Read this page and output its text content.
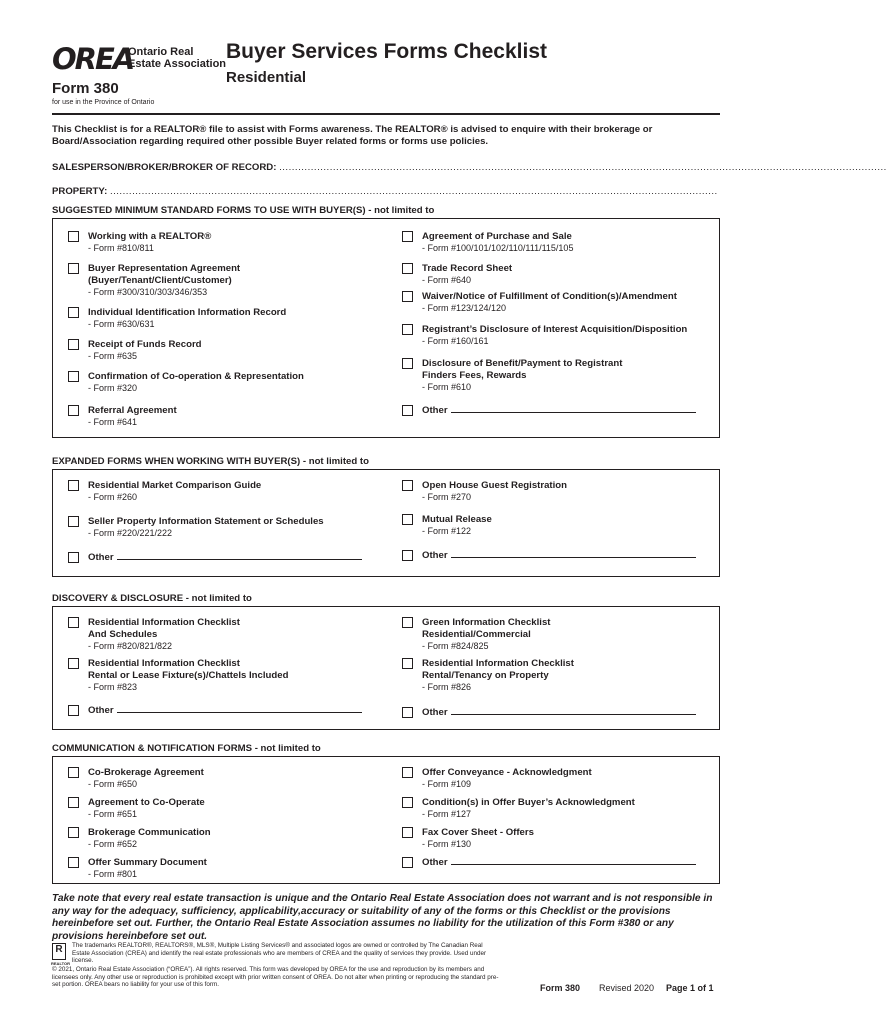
OREA
Ontario Real Estate Association
Form 380
for use in the Province of Ontario
Buyer Services Forms Checklist
Residential
This Checklist is for a REALTOR® file to assist with Forms awareness. The REALTOR® is advised to enquire with their brokerage or Board/Association regarding required other possible Buyer related forms or forms use policies.
SALESPERSON/BROKER/BROKER OF RECORD: ................................................................................................................................................................................................
PROPERTY: ................................................................................................................................................................................................
SUGGESTED MINIMUM STANDARD FORMS TO USE WITH BUYER(S) - not limited to
Working with a REALTOR®
- Form #810/811
Buyer Representation Agreement
(Buyer/Tenant/Client/Customer)
- Form #300/310/303/346/353
Individual Identification Information Record
- Form #630/631
Receipt of Funds Record
- Form #635
Confirmation of Co-operation & Representation
- Form #320
Referral Agreement
- Form #641
Agreement of Purchase and Sale
- Form #100/101/102/110/111/115/105
Trade Record Sheet
- Form #640
Waiver/Notice of Fulfillment of Condition(s)/Amendment
- Form #123/124/120
Registrant’s Disclosure of Interest Acquisition/Disposition
- Form #160/161
Disclosure of Benefit/Payment to Registrant
Finders Fees, Rewards
- Form #610
Other
EXPANDED FORMS WHEN WORKING WITH BUYER(S) - not limited to
Residential Market Comparison Guide
- Form #260
Seller Property Information Statement or Schedules
- Form #220/221/222
Other
Open House Guest Registration
- Form #270
Mutual Release
- Form #122
Other
DISCOVERY & DISCLOSURE - not limited to
Residential Information Checklist
And Schedules
- Form #820/821/822
Residential Information Checklist
Rental or Lease Fixture(s)/Chattels Included
- Form #823
Other
Green Information Checklist
Residential/Commercial
- Form #824/825
Residential Information Checklist
Rental/Tenancy on Property
- Form #826
Other
COMMUNICATION & NOTIFICATION FORMS - not limited to
Co-Brokerage Agreement
- Form #650
Agreement to Co-Operate
- Form #651
Brokerage Communication
- Form #652
Offer Summary Document
- Form #801
Offer Conveyance - Acknowledgment
- Form #109
Condition(s) in Offer Buyer’s Acknowledgment
- Form #127
Fax Cover Sheet - Offers
- Form #130
Other
Take note that every real estate transaction is unique and the Ontario Real Estate Association does not warrant and is not responsible in any way for the adequacy, sufficiency, applicability,accuracy or suitability of any of the forms or this Checklist or the provisions hereinbefore set out. Further, the Ontario Real Estate Association assumes no liability for the utilization of this Form #380 or any provisions hereinbefore set out.
R
REALTOR
The trademarks REALTOR®, REALTORS®, MLS®, Multiple Listing Services® and associated logos are owned or controlled by The Canadian Real Estate Association (CREA) and identify the real estate professionals who are members of CREA and the quality of services they provide. Used under license.
© 2021, Ontario Real Estate Association (“OREA”). All rights reserved. This form was developed by OREA for the use and reproduction by its members and licensees only. Any other use or reproduction is prohibited except with prior written consent of OREA. Do not alter when printing or reproducing the standard pre-set portion. OREA bears no liability for your use of this form.	Form 380 Revised 2020 Page 1 of 1
